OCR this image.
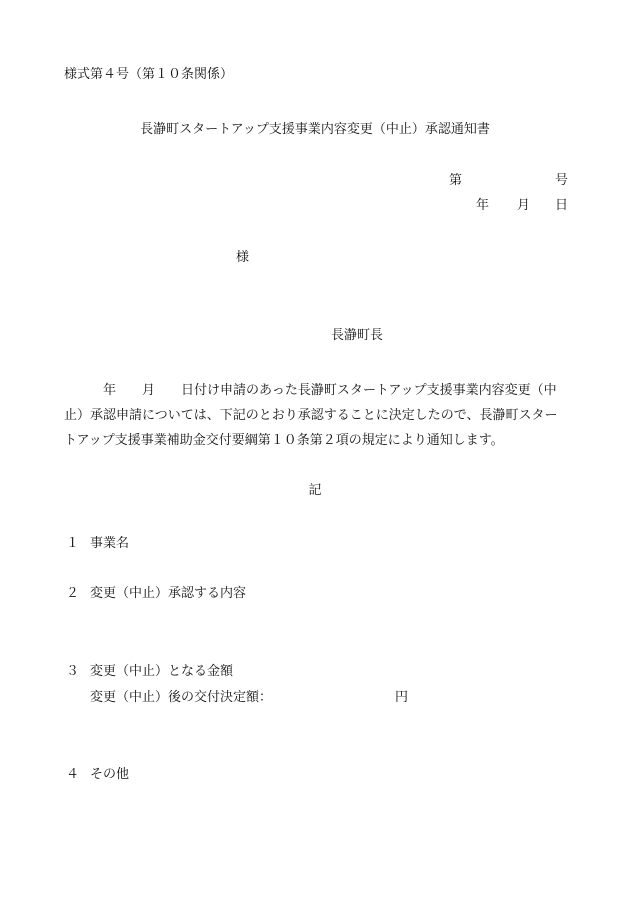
様式第４号（第１０条関係）
長瀞町スタートアップ支援事業内容変更（中止）承認通知書
第	号
年 月 日
様
長瀞町長
　　　年　　月　　日付け申請のあった長瀞町スタートアップ支援事業内容変更（中
止）承認申請については、下記のとおり承認することに決定したので、長瀞町スター
トアップ支援事業補助金交付要綱第１０条第２項の規定により通知します。
記
１ 事業名
２ 変更（中止）承認する内容
３ 変更（中止）となる金額
変更（中止）後の交付決定額：	円
４ その他
